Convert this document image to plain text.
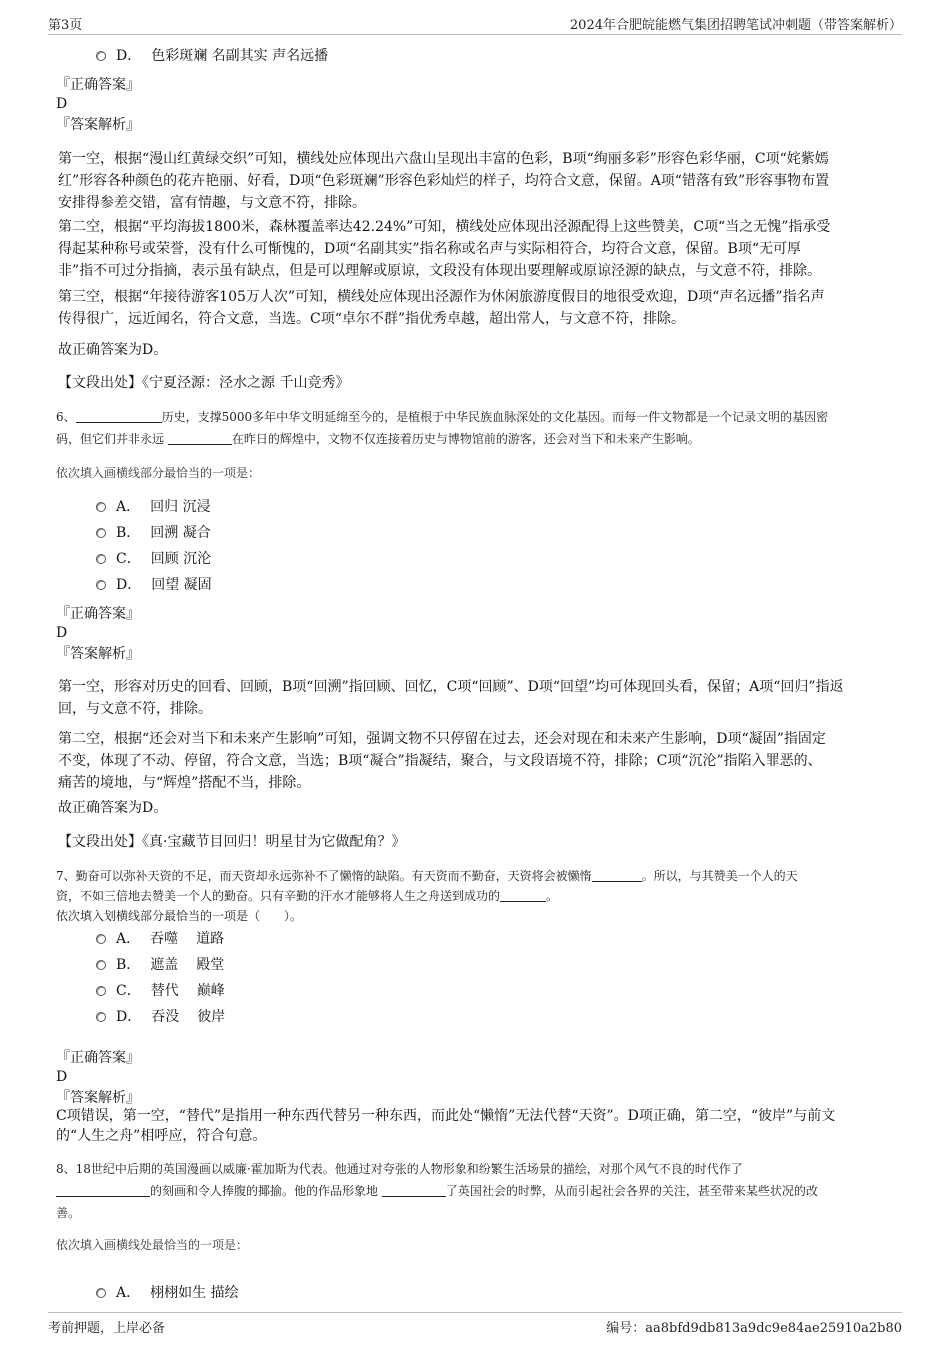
第3页	2024年合肥皖能燃气集团招聘笔试冲刺题（带答案解析）
D． 色彩斑斓 名副其实 声名远播
『正确答案』
D
『答案解析』
第一空，根据“漫山红黄绿交织”可知，横线处应体现出六盘山呈现出丰富的色彩，B项“绚丽多彩”形容色彩华丽，C项“姹紫嫣
红”形容各种颜色的花卉艳丽、好看，D项“色彩斑斓”形容色彩灿烂的样子，均符合文意，保留。A项“错落有致”形容事物布置
安排得参差交错，富有情趣，与文意不符，排除。
第二空，根据“平均海拔1800米，森林覆盖率达42.24%”可知，横线处应体现出泾源配得上这些赞美，C项“当之无愧”指承受
得起某种称号或荣誉，没有什么可惭愧的，D项“名副其实”指名称或名声与实际相符合，均符合文意，保留。B项“无可厚
非”指不可过分指摘，表示虽有缺点，但是可以理解或原谅，文段没有体现出要理解或原谅泾源的缺点，与文意不符，排除。
第三空，根据“年接待游客105万人次”可知，横线处应体现出泾源作为休闲旅游度假目的地很受欢迎，D项“声名远播”指名声
传得很广，远近闻名，符合文意，当选。C项“卓尔不群”指优秀卓越，超出常人，与文意不符，排除。
故正确答案为D。
【文段出处】《宁夏泾源：泾水之源 千山竞秀》
6、	历史，支撑5000多年中华文明延绵至今的，是植根于中华民族血脉深处的文化基因。而每一件文物都是一个记录文明的基因密
码，但它们并非永远	在昨日的辉煌中，文物不仅连接着历史与博物馆前的游客，还会对当下和未来产生影响。
依次填入画横线部分最恰当的一项是：
A． 回归 沉浸
B． 回溯 凝合
C． 回顾 沉沦
D． 回望 凝固
『正确答案』
D
『答案解析』
第一空，形容对历史的回看、回顾，B项“回溯”指回顾、回忆，C项“回顾”、D项“回望”均可体现回头看，保留；A项“回归”指返
回，与文意不符，排除。
第二空，根据“还会对当下和未来产生影响”可知，强调文物不只停留在过去，还会对现在和未来产生影响，D项“凝固”指固定
不变，体现了不动、停留，符合文意，当选；B项“凝合”指凝结，聚合，与文段语境不符，排除；C项“沉沦”指陷入罪恶的、
痛苦的境地，与“辉煌”搭配不当，排除。
故正确答案为D。
【文段出处】《真·宝藏节目回归！明星甘为它做配角？》
7、勤奋可以弥补天资的不足，而天资却永远弥补不了懒惰的缺陷。有天资而不勤奋，天资将会被懒惰	。所以，与其赞美一个人的天
资，不如三倍地去赞美一个人的勤奋。只有辛勤的汗水才能够将人生之舟送到成功的	。
依次填入划横线部分最恰当的一项是（　　）。
A． 吞噬 道路
B． 遮盖 殿堂
C． 替代 巅峰
D． 吞没 彼岸
『正确答案』
D
『答案解析』
C项错误，第一空，“替代”是指用一种东西代替另一种东西，而此处“懒惰”无法代替“天资”。D项正确，第二空，“彼岸”与前文
的“人生之舟”相呼应，符合句意。
8、18世纪中后期的英国漫画以威廉·霍加斯为代表。他通过对夸张的人物形象和纷繁生活场景的描绘，对那个风气不良的时代作了
的刻画和令人捧腹的揶揄。他的作品形象地	了英国社会的时弊，从而引起社会各界的关注，甚至带来某些状况的改
善。
依次填入画横线处最恰当的一项是：
A． 栩栩如生 描绘
考前押题，上岸必备	编号：aa8bfd9db813a9dc9e84ae25910a2b80
